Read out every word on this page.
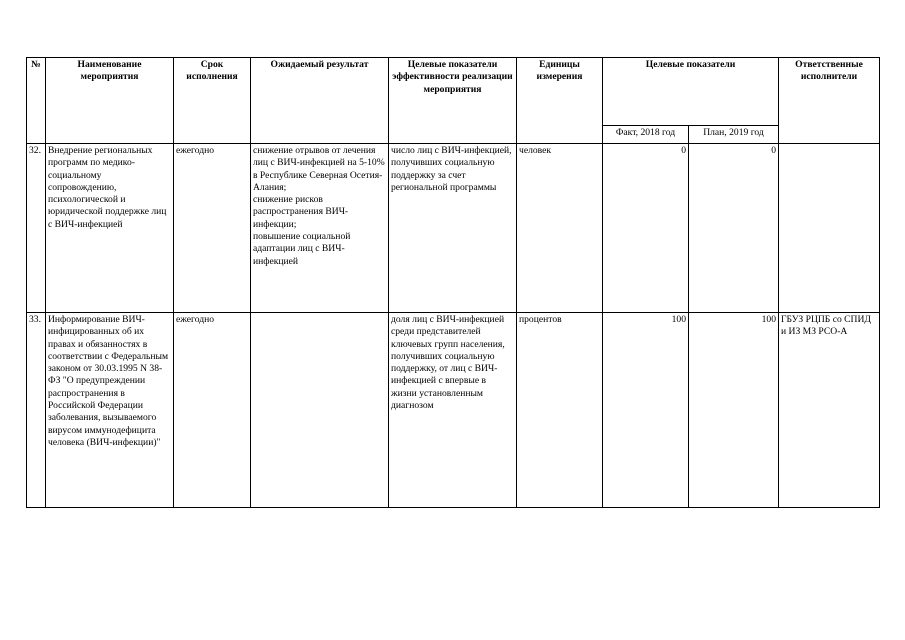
№	Наименование мероприятия	Срок исполнения	Ожидаемый результат	Целевые показатели эффективности реализации мероприятия	Единицы измерения	Целевые показатели		Ответственные исполнители
						Факт, 2018 год	План, 2019 год	
32.	Внедрение региональных программ по медико-социальному сопровождению, психологической и юридической поддержке лиц с ВИЧ-инфекцией	ежегодно	снижение отрывов от лечения лиц с ВИЧ-инфекцией на 5-10% в Республике Северная Осетия-Алания;
снижение рисков распространения ВИЧ-инфекции;
повышение социальной адаптации лиц с ВИЧ-инфекцией	число лиц с ВИЧ-инфекцией, получивших социальную поддержку за счет региональной программы	человек	0	0	
33.	Информирование ВИЧ-инфицированных об их правах и обязанностях в соответствии с Федеральным законом от 30.03.1995 N 38-ФЗ "О предупреждении распространения в Российской Федерации заболевания, вызываемого вирусом иммунодефицита человека (ВИЧ-инфекции)"	ежегодно		доля лиц с ВИЧ-инфекцией среди представителей ключевых групп населения, получивших социальную поддержку, от лиц с ВИЧ-инфекцией с впервые в жизни установленным диагнозом	процентов	100	100	ГБУЗ РЦПБ со СПИД и ИЗ МЗ РСО-А
